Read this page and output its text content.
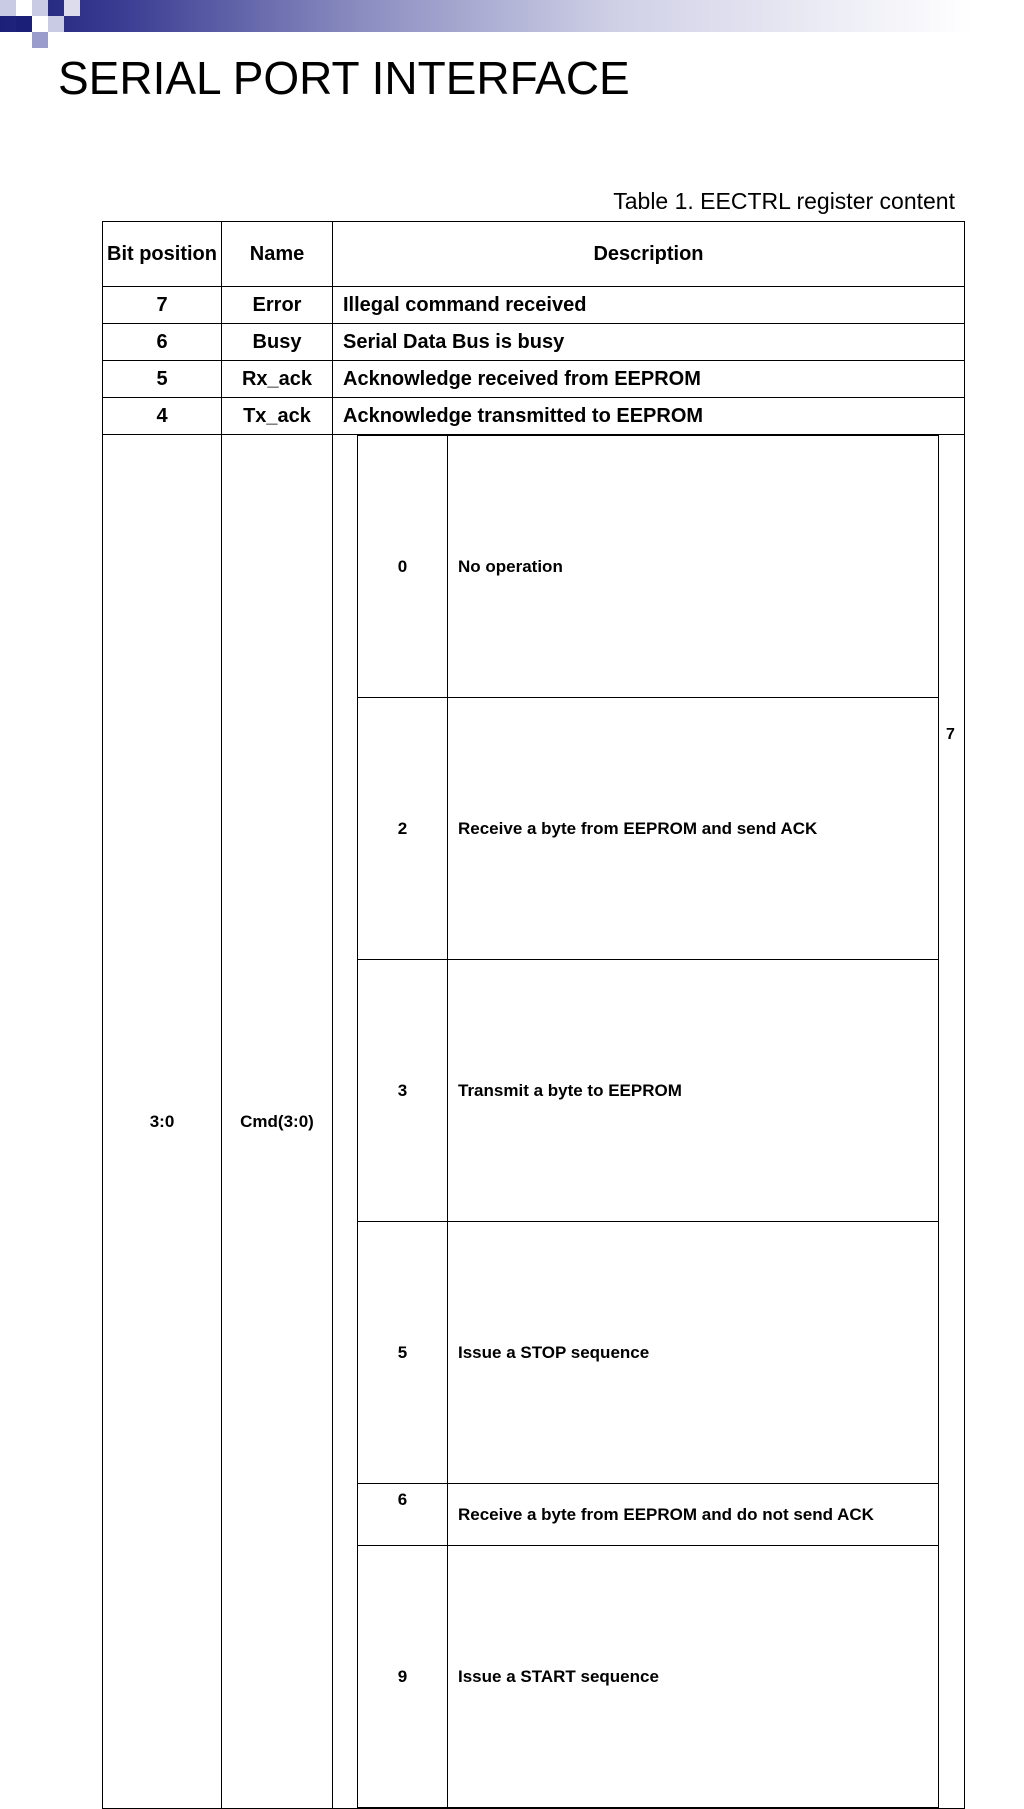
SERIAL PORT INTERFACE
Table 1. EECTRL register content
Bit position	Name	Description
7	Error	Illegal command received
6	Busy	Serial Data Bus is busy
5	Rx_ack	Acknowledge received from EEPROM
4	Tx_ack	Acknowledge transmitted to EEPROM
3:0	Cmd(3:0)	
0	No operation
2	Receive a byte from EEPROM and send ACK
3	Transmit a byte to EEPROM
5	Issue a STOP sequence
6	Receive a byte from EEPROM and do not send ACK
9	Issue a START sequence
7
